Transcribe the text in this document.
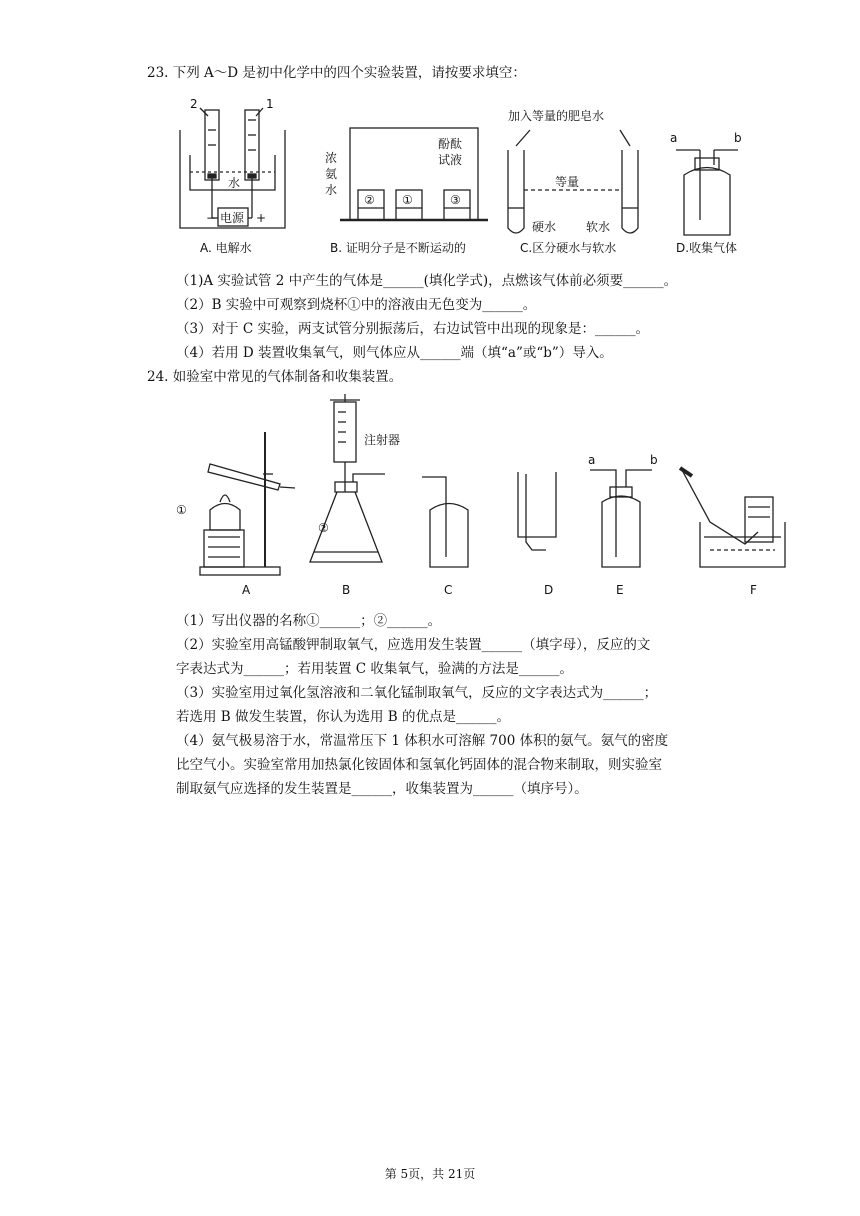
23. 下列 A～D 是初中化学中的四个实验装置，请按要求填空：
2	1
水
电源
−	+
A. 电解水
浓
氨
水
酚酞
试液
② ①	③
B. 证明分子是不断运动的
加入等量的肥皂水
等量
硬水 软水
C.区分硬水与软水
a	b
D.收集气体
（1)A 实验试管 2 中产生的气体是______(填化学式)，点燃该气体前必须要______。
（2）B 实验中可观察到烧杯①中的溶液由无色变为______。
（3）对于 C 实验，两支试管分别振荡后，右边试管中出现的现象是：______。
（4）若用 D 装置收集氧气，则气体应从______端（填“a”或“b”）导入。
24. 如验室中常见的气体制备和收集装置。
①
A
注射器
②
B	C	D
a	b
E	F
（1）写出仪器的名称①______；②______。
（2）实验室用高锰酸钾制取氧气，应选用发生装置______（填字母），反应的文
字表达式为______；若用装置 C 收集氧气，验满的方法是______。
（3）实验室用过氧化氢溶液和二氧化锰制取氧气，反应的文字表达式为______；
若选用 B 做发生装置，你认为选用 B 的优点是______。
（4）氨气极易溶于水，常温常压下 1 体积水可溶解 700 体积的氨气。氨气的密度
比空气小。实验室常用加热氯化铵固体和氢氧化钙固体的混合物来制取，则实验室
制取氨气应选择的发生装置是______，收集装置为______（填序号）。
第 5页，共 21页
